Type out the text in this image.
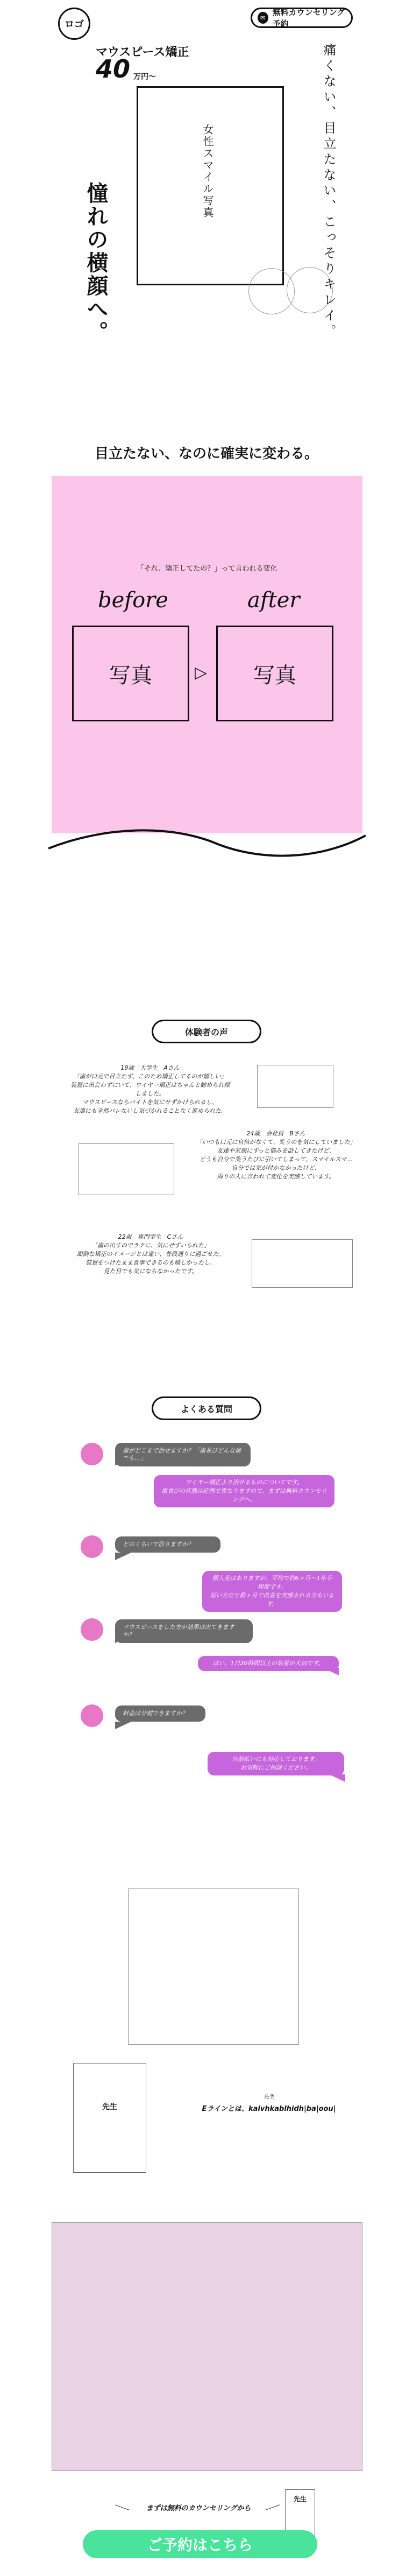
ロゴ
✉
無料カウンセリング予約
マウスピース矯正
40 万円〜
女性スマイル写真	痛くない、目立たない、こっそりキレイ。
憧れの横顔へ。
目立たない、なのに確実に変わる。
「それ、矯正してたの？」って言われる変化
before	after
写真	▷	写真
体験者の声
19歳　大学生　Aさん
「歯が口元で目立たず、このため矯正してるのが嬉しい」
装置に出会わずにいて、ワイヤー矯正はちゃんと勧められ探しました。
マウスピースならバイトを気にせずかけられるし、
友達にも全然バレないし気づかれることなく進められた。
24歳　会社員　Bさん
「いつも口元に自信がなくて、笑うのを気にしていました」
友達や家族にずっと悩みを話してきたけど、
どうも自分で笑うたびに引いてしまって、スマイルスマ…
自分では気が付かなかったけど、
周りの人に言われて変化を実感しています。
22歳　専門学生　Cさん
「歯の出すのでラクに、気にせずいられた」
面倒な矯正のイメージとは違い、普段通りに過ごせた。
装置をつけたまま食事できるのも嬉しかったし、
見た目でも気にならなかったです。
よくある質問
歯がどこまで治せますか？「歯並びどんな歯でも…」
ワイヤー矯正より治せるものについてです。
歯並びの状態は症例で異なりますので、まずは無料カウンセリングへ。
どのくらいで治りますか？
個人差はありますが、平均で約6ヶ月〜1年半程度です。
短い方だと数ヶ月で改善を実感される方もいます。
マウスピースをした方が効果は出てきますか？
はい、1日20時間以上の装着が大切です。
料金は分割できますか？
分割払いにも対応しております。
お気軽にご相談ください。
先生
先生
Eラインとは、kalvhkablhidh|ba|oou|
＼	まずは無料のカウンセリングから	／
先生
ご予約はこちら
